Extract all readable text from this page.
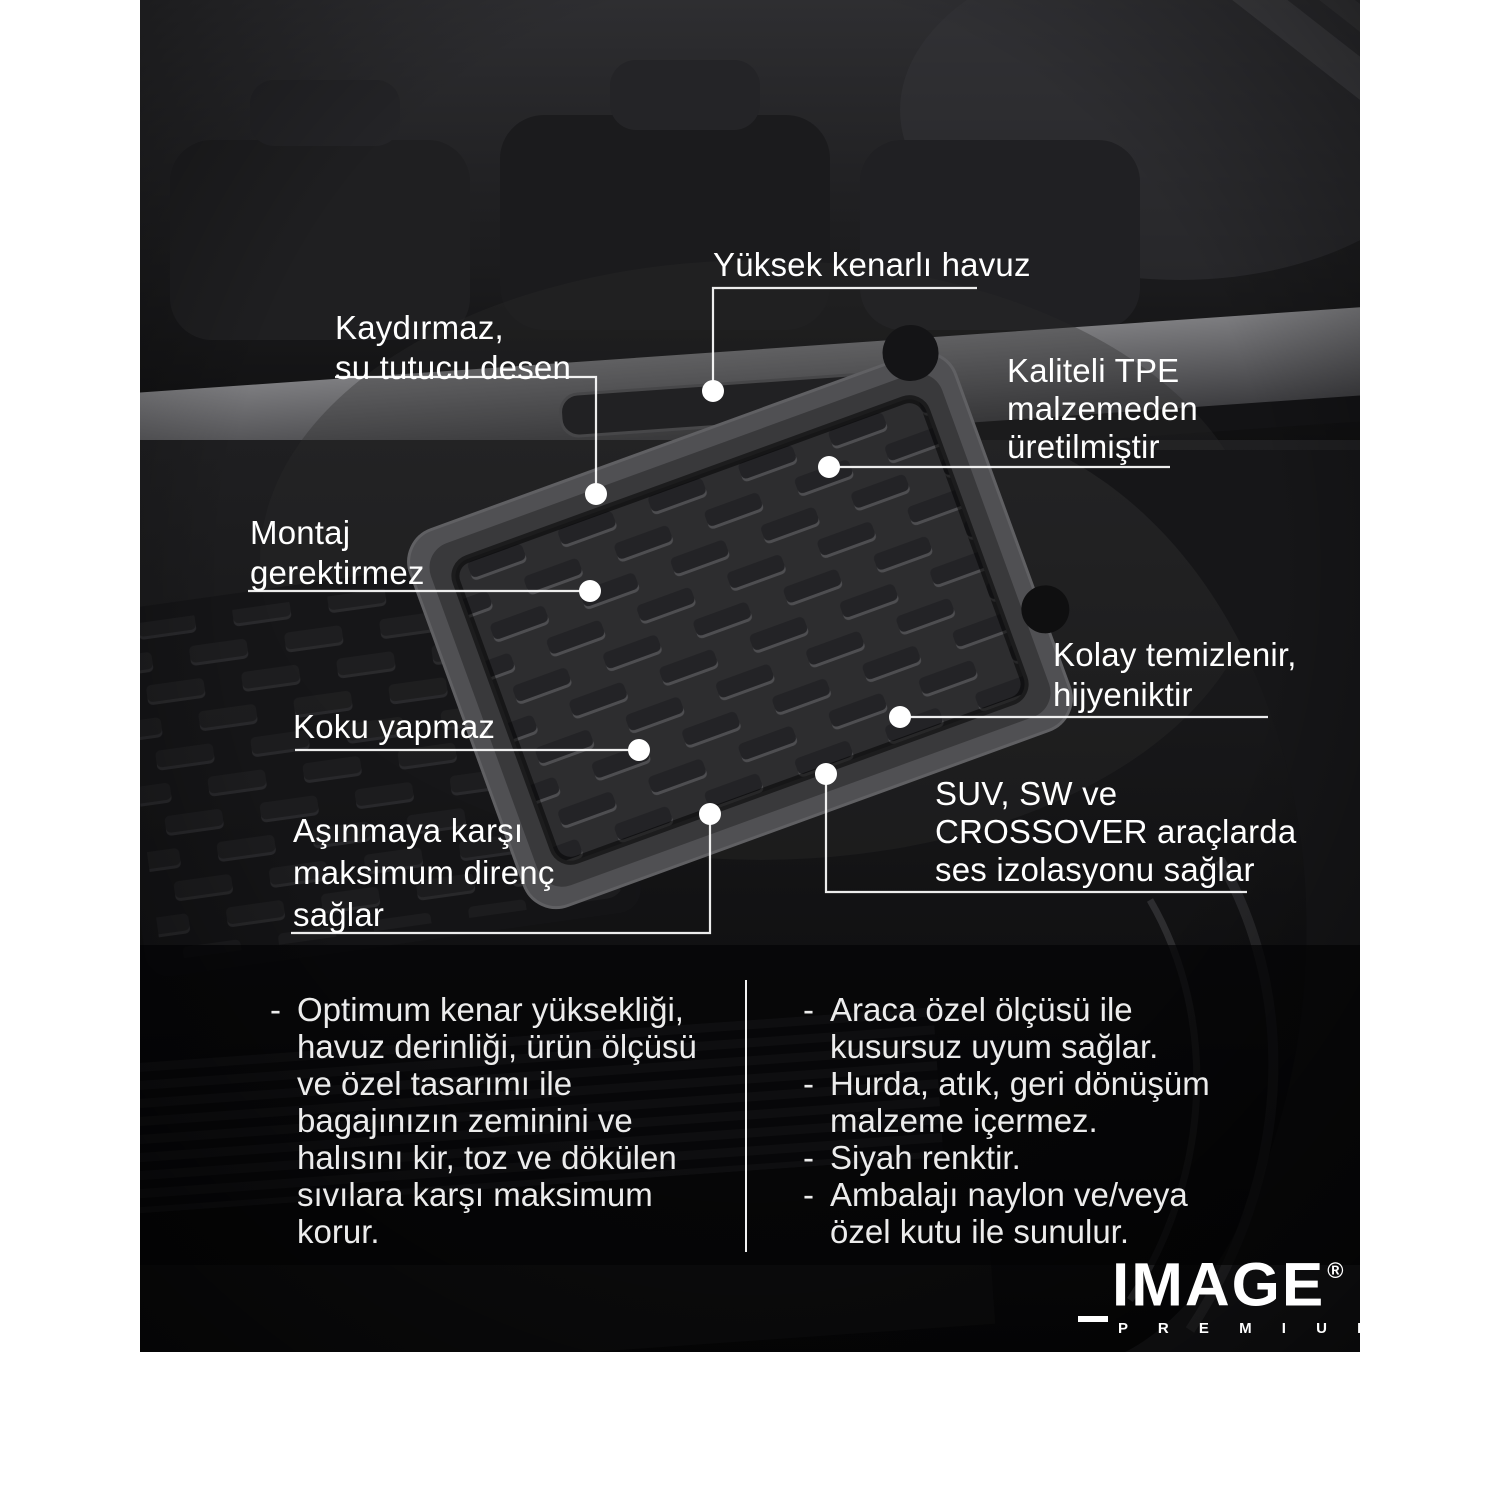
Yüksek kenarlı havuz
Kaydırmaz,
su tutucu desen	Kaliteli TPE
malzemeden
üretilmiştir
Montaj
gerektirmez
Kolay temizlenir,
hijyeniktir
Koku yapmaz
SUV, SW ve
CROSSOVER araçlarda
ses izolasyonu sağlar
Aşınmaya karşı
maksimum direnç
sağlar
- Optimum kenar yüksekliği, havuz derinliği, ürün ölçüsü ve özel tasarımı ile bagajınızın zeminini ve halısını kir, toz ve dökülen sıvılara karşı maksimum korur.
- Araca özel ölçüsü ile kusursuz uyum sağlar.
- Hurda, atık, geri dönüşüm malzeme içermez.
- Siyah renktir.
- Ambalajı naylon ve/veya özel kutu ile sunulur.
IMAGE®
P R E M I U M
